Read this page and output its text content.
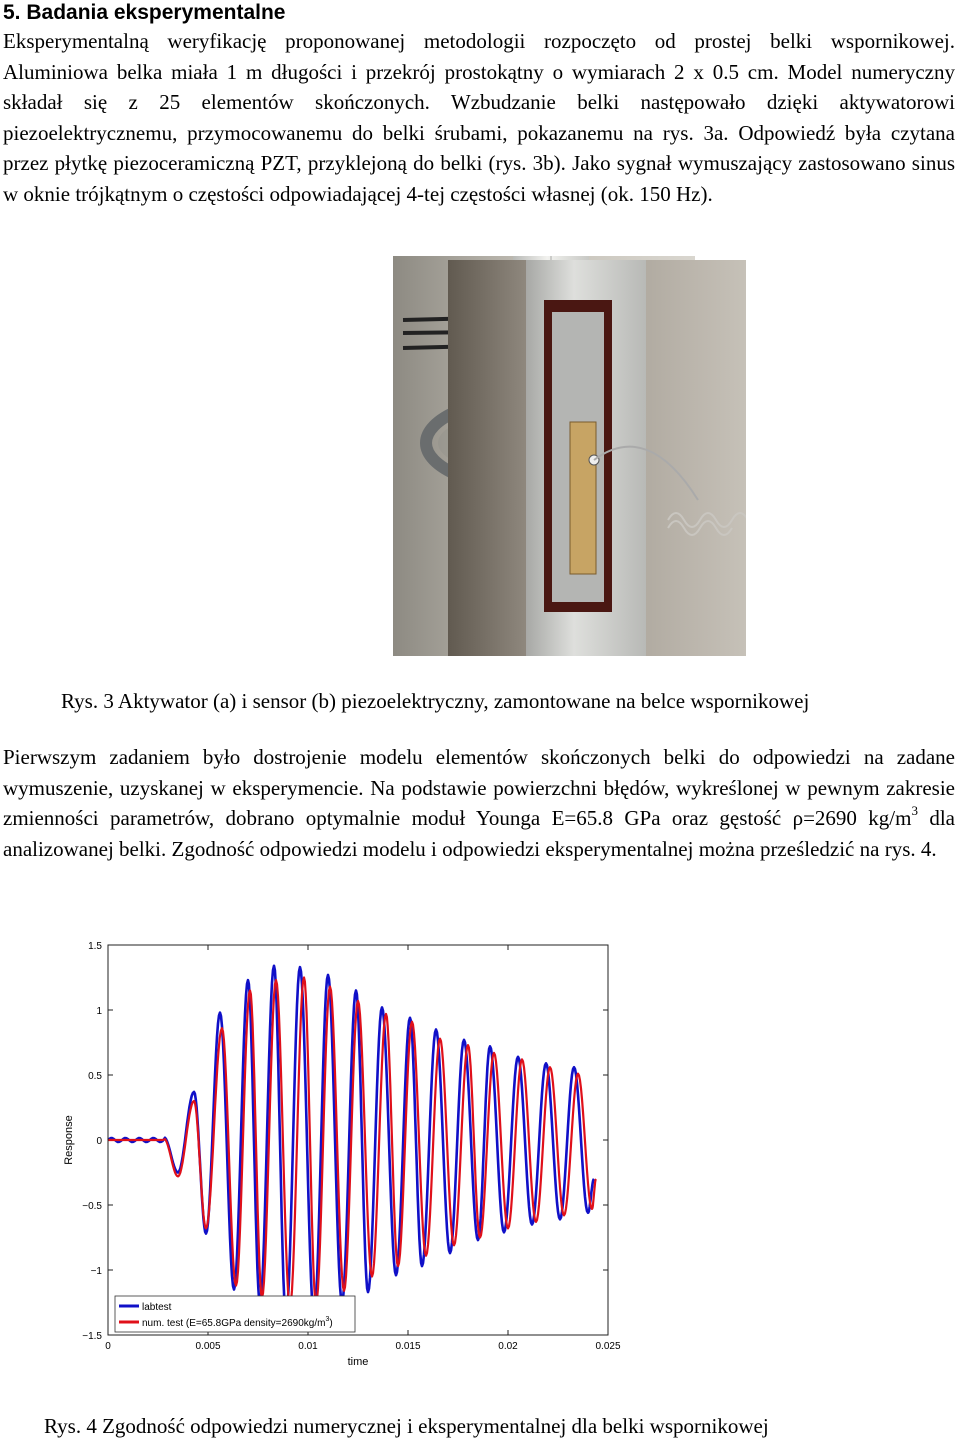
5. Badania eksperymentalne

Eksperymentalną weryfikację proponowanej metodologii rozpoczęto od prostej belki wspornikowej. Aluminiowa belka miała 1 m długości i przekrój prostokątny o wymiarach 2 x 0.5 cm. Model numeryczny składał się z 25 elementów skończonych. Wzbudzanie belki następowało dzięki aktywatorowi piezoelektrycznemu, przymocowanemu do belki śrubami, pokazanemu na rys. 3a. Odpowiedź była czytana przez płytkę piezoceramiczną PZT, przyklejoną do belki (rys. 3b). Jako sygnał wymuszający zastosowano sinus w oknie trójkątnym o częstości odpowiadającej 4-tej częstości własnej (ok. 150 Hz).

Rys. 3 Aktywator (a) i sensor (b) piezoelektryczny, zamontowane na belce wspornikowej

Pierwszym zadaniem było dostrojenie modelu elementów skończonych belki do odpowiedzi na zadane wymuszenie, uzyskanej w eksperymencie. Na podstawie powierzchni błędów, wykreślonej w pewnym zakresie zmienności parametrów, dobrano optymalnie moduł Younga E=65.8 GPa oraz gęstość ρ=2690 $kg/m^3$ dla analizowanej belki. Zgodność odpowiedzi modelu i odpowiedzi eksperymentalnej można prześledzić na rys. 4.

1.5
1
0.5
0
−0.5
−1
−1.5
0	0.005	0.01	0.015	0.02	0.025
Response
time
labtest
num. test (E=65.8GPa $density=2690kg/m^3$)

Rys. 4 Zgodność odpowiedzi numerycznej i eksperymentalnej dla belki wspornikowej
